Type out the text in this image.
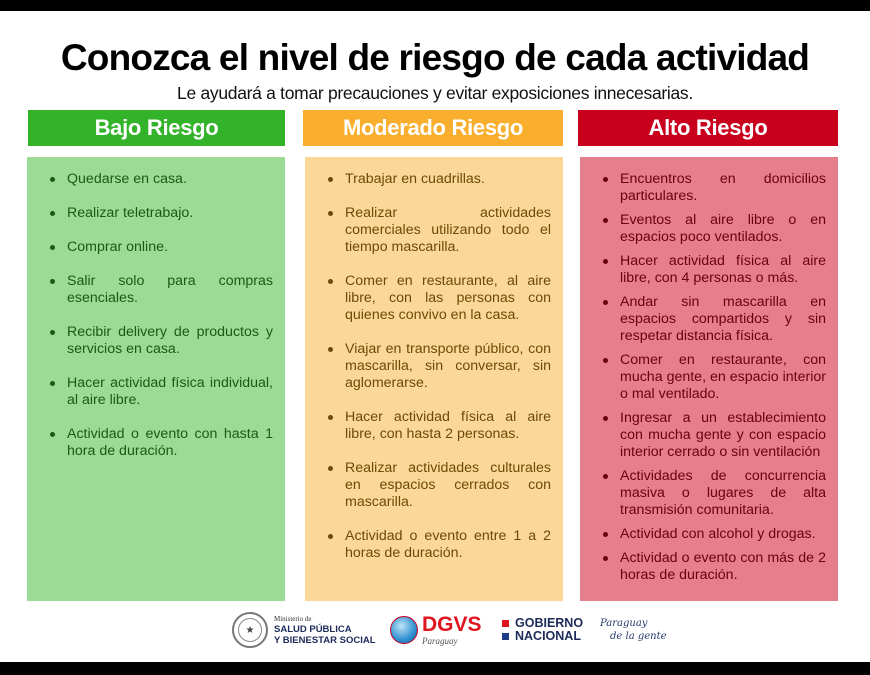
Conozca el nivel de riesgo de cada actividad

Le ayudará a tomar precauciones y evitar exposiciones innecesarias.

Bajo Riesgo	Moderado Riesgo	Alto Riesgo
Quedarse en casa.
Realizar teletrabajo.
Comprar online.
Salir solo para compras esenciales.
Recibir delivery de productos y servicios en casa.
Hacer actividad física individual, al aire libre.
Actividad o evento con hasta 1 hora de duración.
Trabajar en cuadrillas.
Realizar actividades comerciales utilizando todo el tiempo mascarilla.
Comer en restaurante, al aire libre, con las personas con quienes convivo en la casa.
Viajar en transporte público, con mascarilla, sin conversar, sin aglomerarse.
Hacer actividad física al aire libre, con hasta 2 personas.
Realizar actividades culturales en espacios cerrados con mascarilla.
Actividad o evento entre 1 a 2 horas de duración.
Encuentros en domicilios particulares.
Eventos al aire libre o en espacios poco ventilados.
Hacer actividad física al aire libre, con 4 personas o más.
Andar sin mascarilla en espacios compartidos y sin respetar distancia física.
Comer en restaurante, con mucha gente, en espacio interior o mal ventilado.
Ingresar a un establecimiento con mucha gente y con espacio interior cerrado o sin ventilación
Actividades de concurrencia masiva o lugares de alta transmisión comunitaria.
Actividad con alcohol y drogas.
Actividad o evento con más de 2 horas de duración.
★
Ministerio de
SALUD PÚBLICA
Y BIENESTAR SOCIAL
DGVS
Paraguay
GOBIERNO
NACIONAL
Paraguay
de la gente
